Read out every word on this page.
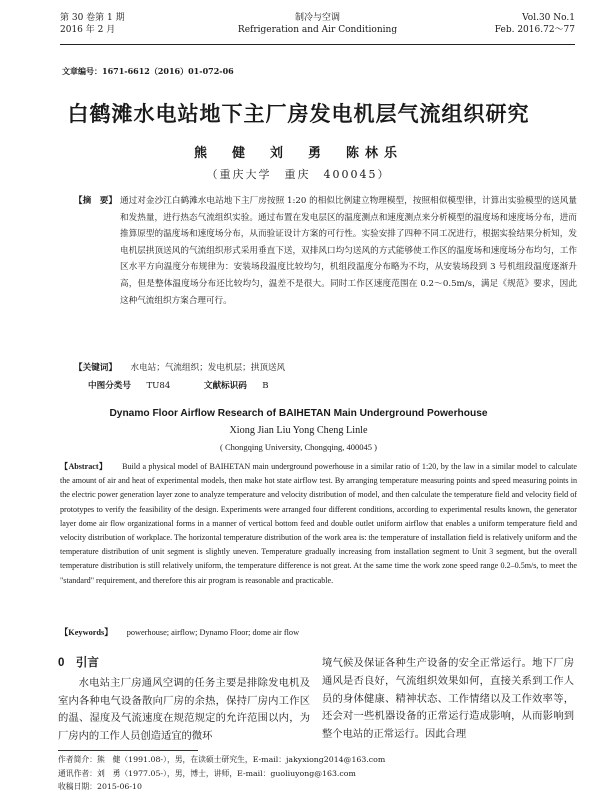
第 30 卷第 1 期
2016 年 2 月
制冷与空调
Refrigeration and Air Conditioning
Vol.30 No.1
Feb. 2016.72～77
文章编号：1671-6612（2016）01-072-06
白鹤滩水电站地下主厂房发电机层气流组织研究
熊　健　刘　勇　陈林乐
（重庆大学　重庆　400045）
【摘　要】 通过对金沙江白鹤滩水电站地下主厂房按照 1:20 的相似比例建立物理模型，按照相似模型律，计算出实验模型的送风量和发热量，进行热态气流组织实验。通过布置在发电层区的温度测点和速度测点来分析模型的温度场和速度场分布，进而推算原型的温度场和速度场分布，从而验证设计方案的可行性。实验安排了四种不同工况进行，根据实验结果分析知，发电机层拱顶送风的气流组织形式采用垂直下送，双排风口均匀送风的方式能够使工作区的温度场和速度场分布均匀，工作区水平方向温度分布规律为：安装场段温度比较均匀，机组段温度分布略为不均，从安装场段到 3 号机组段温度逐渐升高，但是整体温度场分布还比较均匀，温差不是很大。同时工作区速度范围在 0.2～0.5m/s，满足《规范》要求，因此这种气流组织方案合理可行。
【关键词】 水电站；气流组织；发电机层；拱顶送风
中图分类号 TU84	文献标识码 B
Dynamo Floor Airflow Research of BAIHETAN Main Underground Powerhouse
Xiong Jian Liu Yong Cheng Linle
( Chongqing University, Chongqing, 400045 )
【Abstract】 Build a physical model of BAIHETAN main underground powerhouse in a similar ratio of 1:20, by the law in a similar model to calculate the amount of air and heat of experimental models, then make hot state airflow test. By arranging temperature measuring points and speed measuring points in the electric power generation layer zone to analyze temperature and velocity distribution of model, and then calculate the temperature field and velocity field of prototypes to verify the feasibility of the design. Experiments were arranged four different conditions, according to experimental results known, the generator layer dome air flow organizational forms in a manner of vertical bottom feed and double outlet uniform airflow that enables a uniform temperature field and velocity distribution of workplace. The horizontal temperature distribution of the work area is: the temperature of installation field is relatively uniform and the temperature distribution of unit segment is slightly uneven. Temperature gradually increasing from installation segment to Unit 3 segment, but the overall temperature distribution is still relatively uniform, the temperature difference is not great. At the same time the work zone speed range 0.2–0.5m/s, to meet the "standard" requirement, and therefore this air program is reasonable and practicable.
【Keywords】 powerhouse; airflow; Dynamo Floor; dome air flow
0　引言
水电站主厂房通风空调的任务主要是排除发电机及室内各种电气设备散向厂房的余热，保持厂房内工作区的温、湿度及气流速度在规范规定的允许范围以内，为厂房内的工作人员创造适宜的微环
境气候及保证各种生产设备的安全正常运行。地下厂房通风是否良好，气流组织效果如何，直接关系到工作人员的身体健康、精神状态、工作情绪以及工作效率等，还会对一些机器设备的正常运行造成影响，从而影响到整个电站的正常运行。因此合理
作者简介：熊　健（1991.08-），男，在读硕士研究生，E-mail：jakyxiong2014@163.com
通讯作者：刘　勇（1977.05-），男，博士，讲师，E-mail：guoliuyong@163.com
收稿日期：2015-06-10
